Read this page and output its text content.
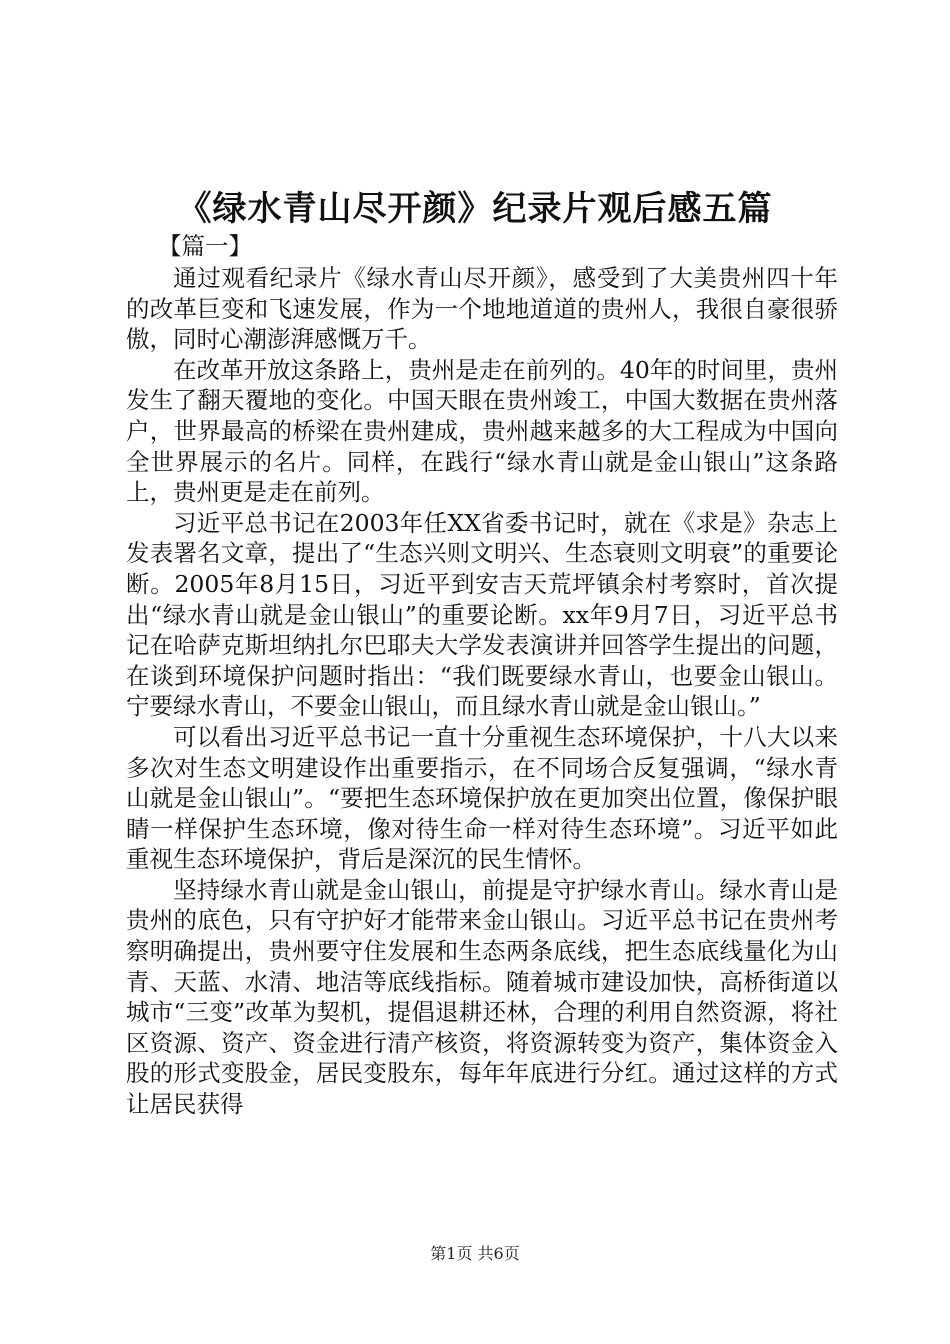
《绿水青山尽开颜》纪录片观后感五篇
【篇一】

通过观看纪录片《绿水青山尽开颜》，感受到了大美贵州四十年的改革巨变和飞速发展，作为一个地地道道的贵州人，我很自豪很骄傲，同时心潮澎湃感慨万千。

在改革开放这条路上，贵州是走在前列的。40年的时间里，贵州发生了翻天覆地的变化。中国天眼在贵州竣工，中国大数据在贵州落户，世界最高的桥梁在贵州建成，贵州越来越多的大工程成为中国向全世界展示的名片。同样，在践行“绿水青山就是金山银山”这条路上，贵州更是走在前列。

习近平总书记在2003年任XX省委书记时，就在《求是》杂志上发表署名文章，提出了“生态兴则文明兴、生态衰则文明衰”的重要论断。2005年8月15日，习近平到安吉天荒坪镇余村考察时，首次提出“绿水青山就是金山银山”的重要论断。xx年9月7日，习近平总书记在哈萨克斯坦纳扎尔巴耶夫大学发表演讲并回答学生提出的问题，在谈到环境保护问题时指出：“我们既要绿水青山，也要金山银山。宁要绿水青山，不要金山银山，而且绿水青山就是金山银山。”

可以看出习近平总书记一直十分重视生态环境保护，十八大以来多次对生态文明建设作出重要指示，在不同场合反复强调，“绿水青山就是金山银山”。“要把生态环境保护放在更加突出位置，像保护眼睛一样保护生态环境，像对待生命一样对待生态环境”。习近平如此重视生态环境保护，背后是深沉的民生情怀。

坚持绿水青山就是金山银山，前提是守护绿水青山。绿水青山是贵州的底色，只有守护好才能带来金山银山。习近平总书记在贵州考察明确提出，贵州要守住发展和生态两条底线，把生态底线量化为山青、天蓝、水清、地洁等底线指标。随着城市建设加快，高桥街道以城市“三变”改革为契机，提倡退耕还林，合理的利用自然资源，将社区资源、资产、资金进行清产核资，将资源转变为资产，集体资金入股的形式变股金，居民变股东，每年年底进行分红。通过这样的方式让居民获得

第1页 共6页
